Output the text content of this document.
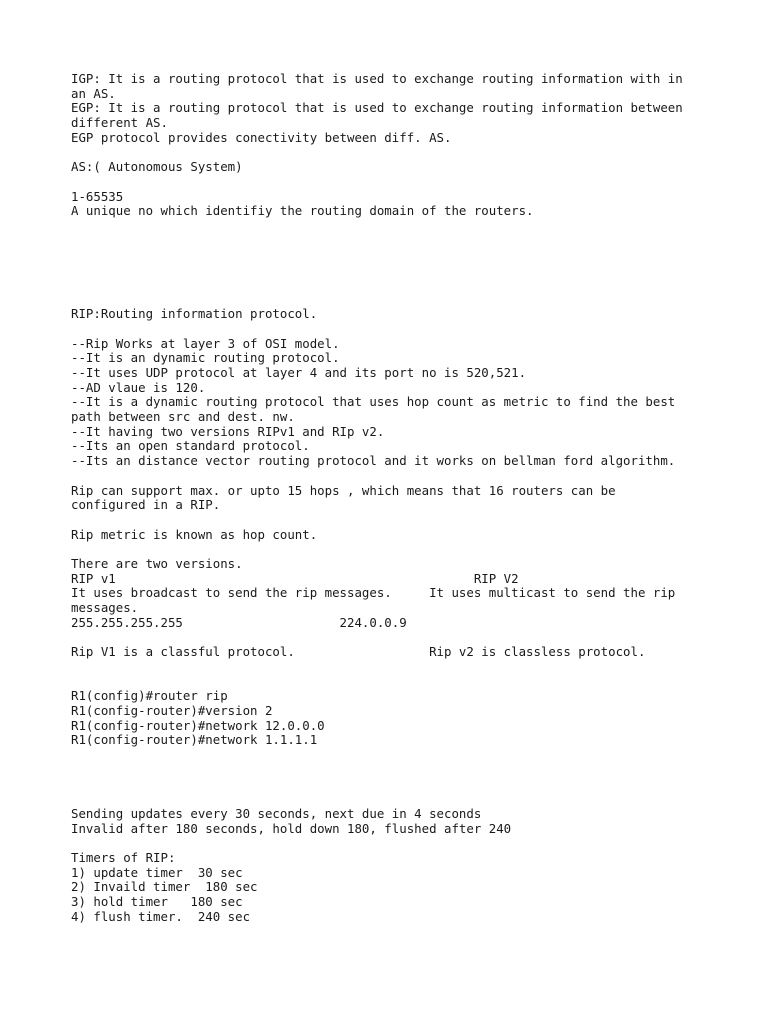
IGP: It is a routing protocol that is used to exchange routing information with in
an AS.
EGP: It is a routing protocol that is used to exchange routing information between
different AS.
EGP protocol provides conectivity between diff. AS.
AS:( Autonomous System)
1-65535
A unique no which identifiy the routing domain of the routers.
RIP:Routing information protocol.
--Rip Works at layer 3 of OSI model.
--It is an dynamic routing protocol.
--It uses UDP protocol at layer 4 and its port no is 520,521.
--AD vlaue is 120.
--It is a dynamic routing protocol that uses hop count as metric to find the best
path between src and dest. nw.
--It having two versions RIPv1 and RIp v2.
--Its an open standard protocol.
--Its an distance vector routing protocol and it works on bellman ford algorithm.
Rip can support max. or upto 15 hops , which means that 16 routers can be
configured in a RIP.
Rip metric is known as hop count.
There are two versions.
RIP v1                                                RIP V2
It uses broadcast to send the rip messages.     It uses multicast to send the rip
messages.
255.255.255.255                     224.0.0.9
Rip V1 is a classful protocol.                  Rip v2 is classless protocol.
R1(config)#router rip
R1(config-router)#version 2
R1(config-router)#network 12.0.0.0
R1(config-router)#network 1.1.1.1
Sending updates every 30 seconds, next due in 4 seconds
Invalid after 180 seconds, hold down 180, flushed after 240
Timers of RIP:
1) update timer  30 sec
2) Invaild timer  180 sec
3) hold timer   180 sec
4) flush timer.  240 sec
